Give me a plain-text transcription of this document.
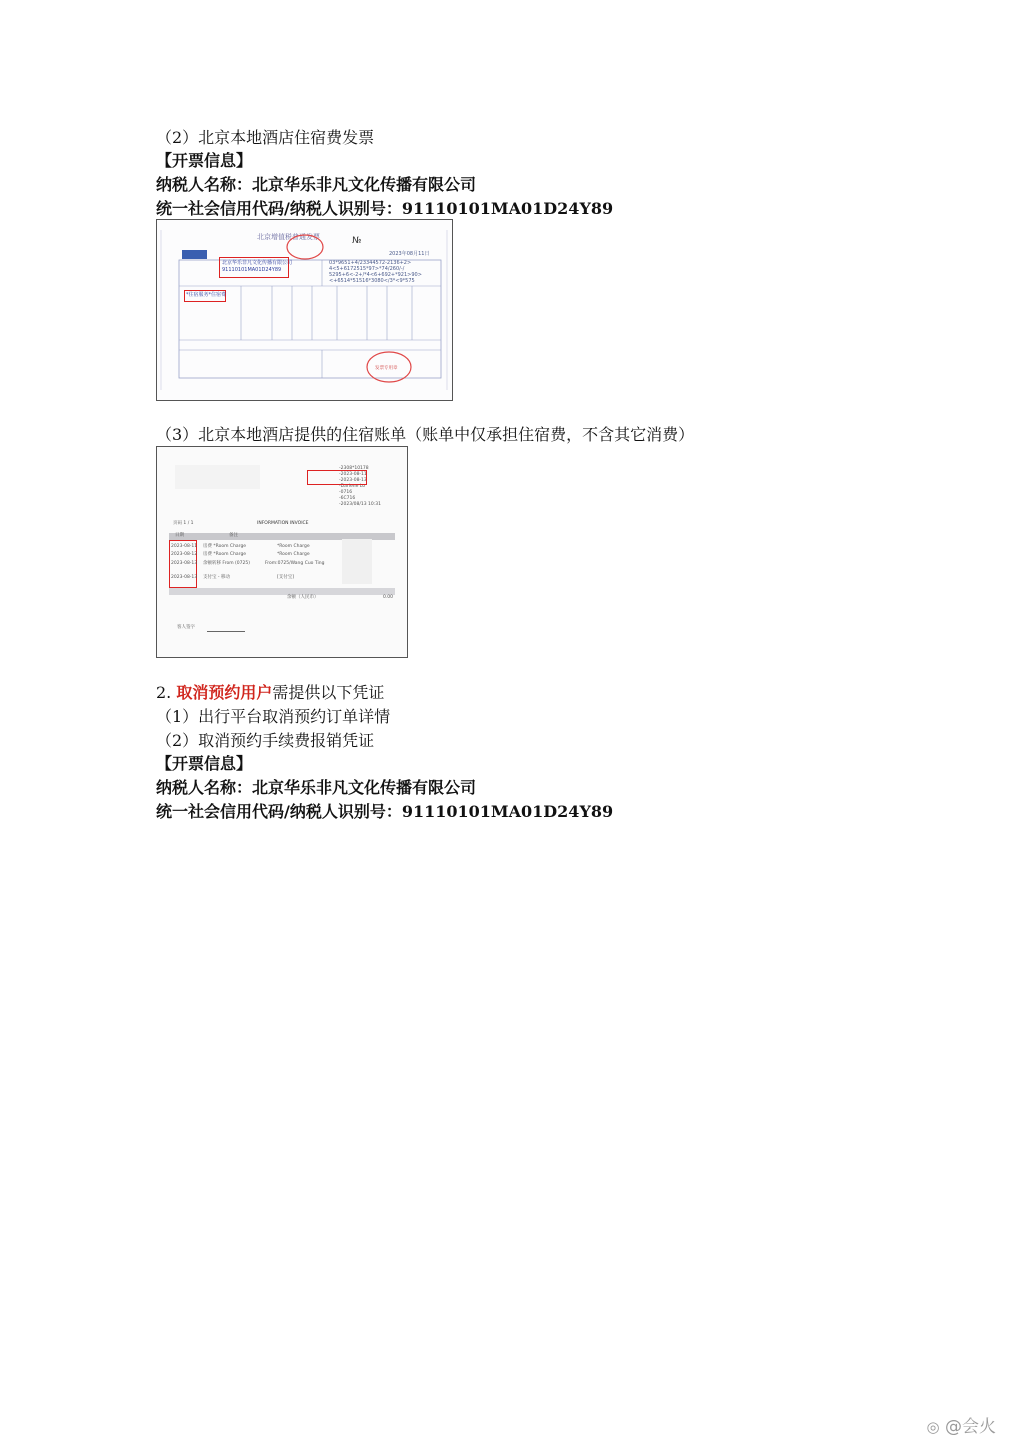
（2）北京本地酒店住宿费发票
【开票信息】
纳税人名称：北京华乐非凡文化传播有限公司
统一社会信用代码/纳税人识别号：91110101MA01D24Y89
北京增值税普通发票	№
2023年08月11日
北京华乐非凡文化传播有限公司
91110101MA01D24Y89
03*9651+4/23344572-2136+2>
4<5+6172515*97>*74/260/-/
5295+6<-2+/*4<6+692+*921>90>
<+6514*51516*3080</3*<9*575
*住宿服务*住宿费
发票专用章
（3）北京本地酒店提供的住宿账单（账单中仅承担住宿费，不含其它消费）
-2308*10178
-2023-08-11
-2023-08-13
-Darlene Lo
-0716
-6C716
-2023/08/13 10:31
页码 1 / 1	INFORMATION INVOICE
日期	备注
2023-08-11 房费 *Room Charge	*Room Charge
2023-08-12 房费 *Room Charge	*Room Charge
2023-08-13 余额转移 From (0725)	From:0725/Wang Cuo Ting
2023-08-13 支付宝 - 移动	[支付宝]
余额（人民币）	0.00
客人签字
2. 取消预约用户需提供以下凭证
（1）出行平台取消预约订单详情
（2）取消预约手续费报销凭证
【开票信息】
纳税人名称：北京华乐非凡文化传播有限公司
统一社会信用代码/纳税人识别号：91110101MA01D24Y89
◎ @会火
